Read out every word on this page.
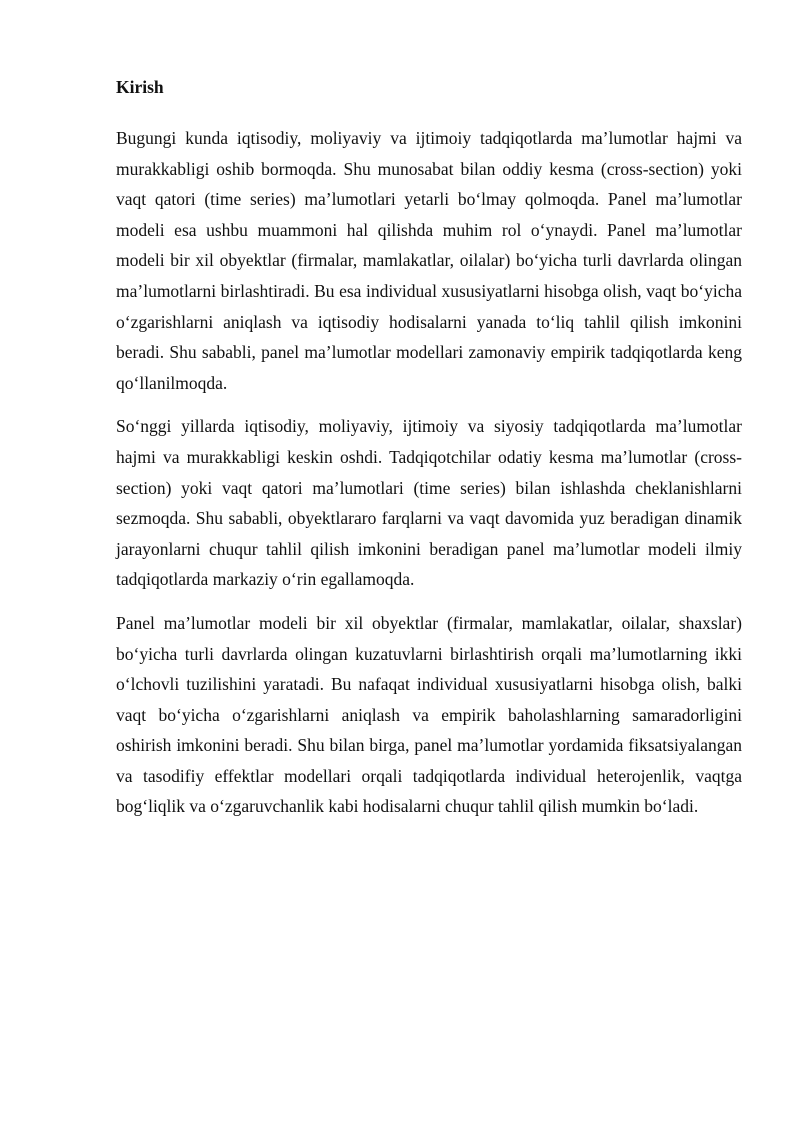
Kirish

Bugungi kunda iqtisodiy, moliyaviy va ijtimoiy tadqiqotlarda ma’lumotlar hajmi va murakkabligi oshib bormoqda. Shu munosabat bilan oddiy kesma (cross-section) yoki vaqt qatori (time series) ma’lumotlari yetarli bo‘lmay qolmoqda. Panel ma’lumotlar modeli esa ushbu muammoni hal qilishda muhim rol o‘ynaydi. Panel ma’lumotlar modeli bir xil obyektlar (firmalar, mamlakatlar, oilalar) bo‘yicha turli davrlarda olingan ma’lumotlarni birlashtiradi. Bu esa individual xususiyatlarni hisobga olish, vaqt bo‘yicha o‘zgarishlarni aniqlash va iqtisodiy hodisalarni yanada to‘liq tahlil qilish imkonini beradi. Shu sababli, panel ma’lumotlar modellari zamonaviy empirik tadqiqotlarda keng qo‘llanilmoqda.

So‘nggi yillarda iqtisodiy, moliyaviy, ijtimoiy va siyosiy tadqiqotlarda ma’lumotlar hajmi va murakkabligi keskin oshdi. Tadqiqotchilar odatiy kesma ma’lumotlar (cross-section) yoki vaqt qatori ma’lumotlari (time series) bilan ishlashda cheklanishlarni sezmoqda. Shu sababli, obyektlararo farqlarni va vaqt davomida yuz beradigan dinamik jarayonlarni chuqur tahlil qilish imkonini beradigan panel ma’lumotlar modeli ilmiy tadqiqotlarda markaziy o‘rin egallamoqda.

Panel ma’lumotlar modeli bir xil obyektlar (firmalar, mamlakatlar, oilalar, shaxslar) bo‘yicha turli davrlarda olingan kuzatuvlarni birlashtirish orqali ma’lumotlarning ikki o‘lchovli tuzilishini yaratadi. Bu nafaqat individual xususiyatlarni hisobga olish, balki vaqt bo‘yicha o‘zgarishlarni aniqlash va empirik baholashlarning samaradorligini oshirish imkonini beradi. Shu bilan birga, panel ma’lumotlar yordamida fiksatsiyalangan va tasodifiy effektlar modellari orqali tadqiqotlarda individual heterojenlik, vaqtga bog‘liqlik va o‘zgaruvchanlik kabi hodisalarni chuqur tahlil qilish mumkin bo‘ladi.
